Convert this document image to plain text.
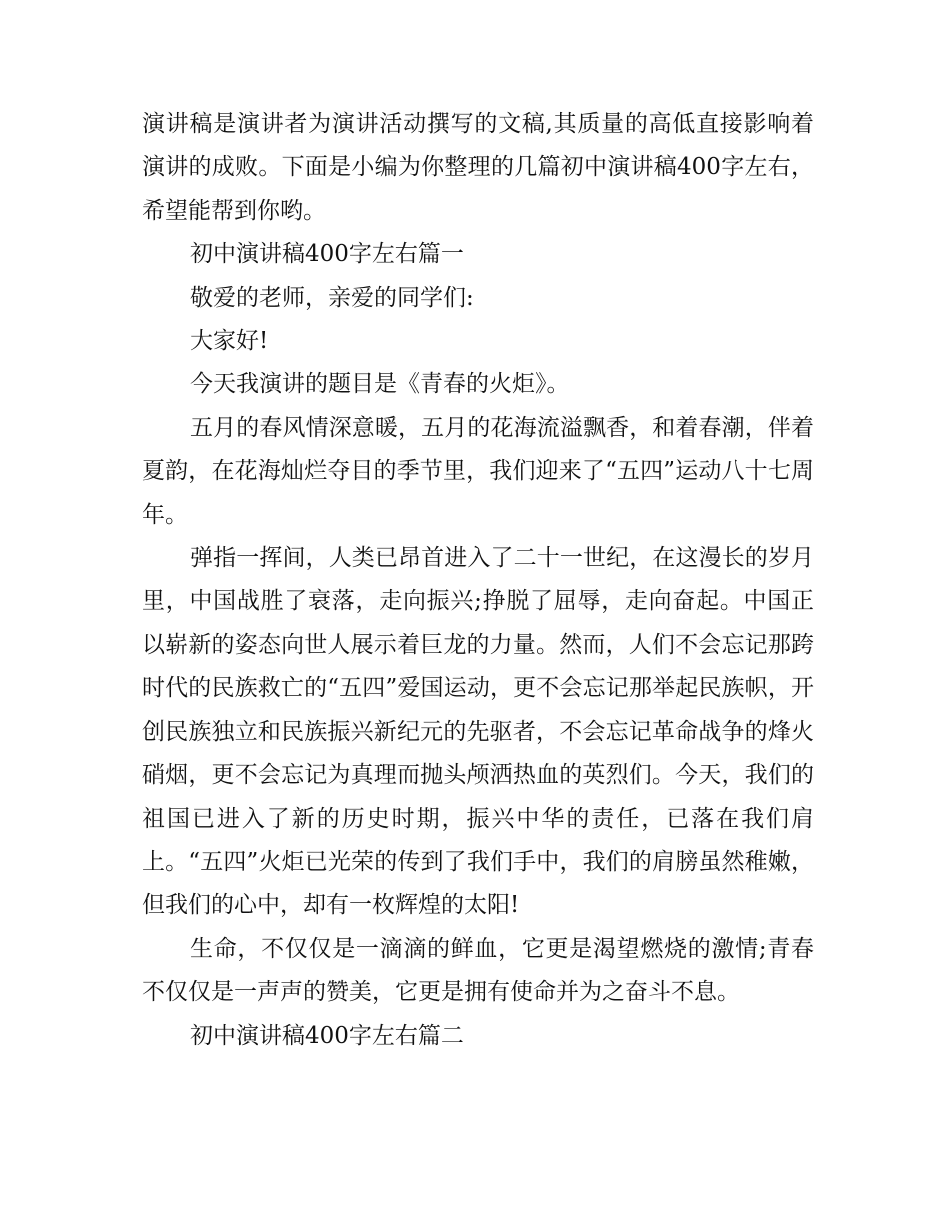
演讲稿是演讲者为演讲活动撰写的文稿,其质量的高低直接影响着演讲的成败。下面是小编为你整理的几篇初中演讲稿400字左右，希望能帮到你哟。

初中演讲稿400字左右篇一

敬爱的老师，亲爱的同学们:

大家好!

今天我演讲的题目是《青春的火炬》。

五月的春风情深意暖，五月的花海流溢飘香，和着春潮，伴着夏韵，在花海灿烂夺目的季节里，我们迎来了“五四”运动八十七周年。

弹指一挥间，人类已昂首进入了二十一世纪，在这漫长的岁月里，中国战胜了衰落，走向振兴;挣脱了屈辱，走向奋起。中国正以崭新的姿态向世人展示着巨龙的力量。然而，人们不会忘记那跨时代的民族救亡的“五四”爱国运动，更不会忘记那举起民族帜，开创民族独立和民族振兴新纪元的先驱者，不会忘记革命战争的烽火硝烟，更不会忘记为真理而抛头颅洒热血的英烈们。今天，我们的祖国已进入了新的历史时期，振兴中华的责任，已落在我们肩上。“五四”火炬已光荣的传到了我们手中，我们的肩膀虽然稚嫩，但我们的心中，却有一枚辉煌的太阳!

生命，不仅仅是一滴滴的鲜血，它更是渴望燃烧的激情;青春不仅仅是一声声的赞美，它更是拥有使命并为之奋斗不息。

初中演讲稿400字左右篇二
